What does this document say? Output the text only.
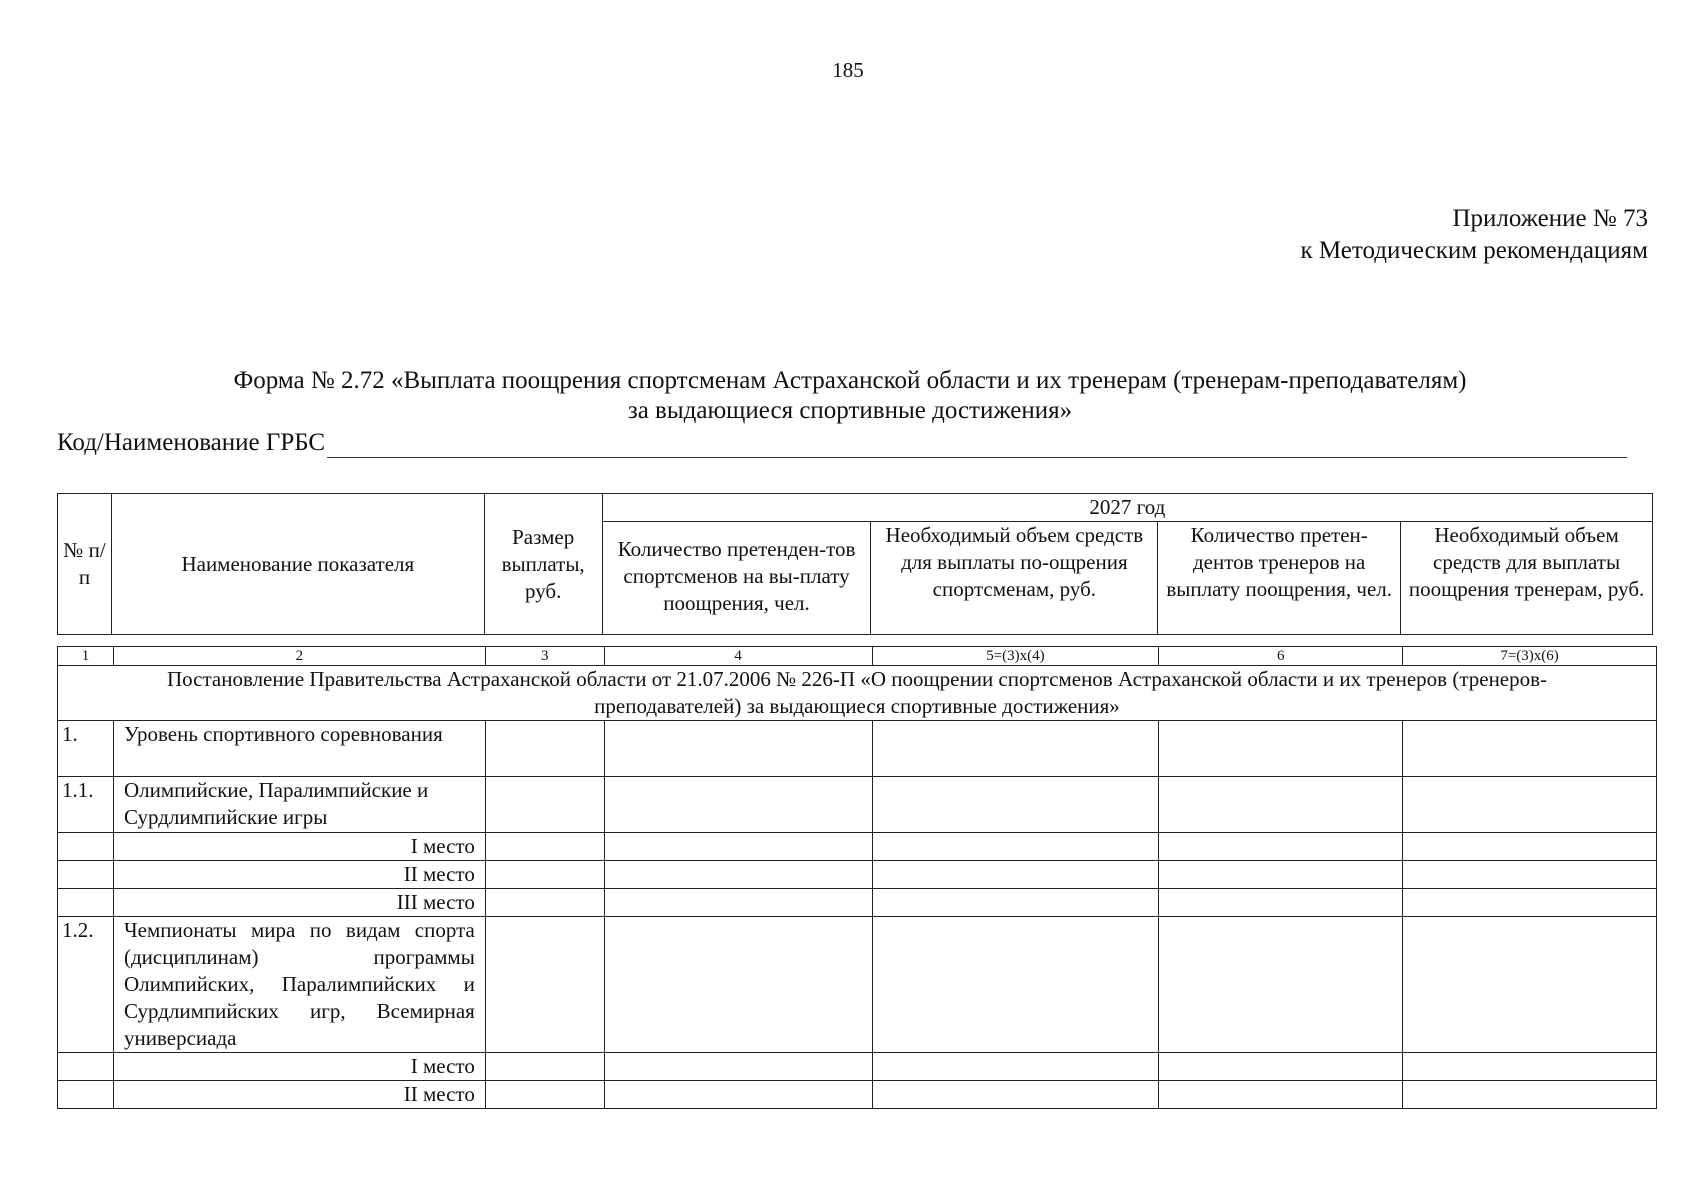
185
Приложение № 73
к Методическим рекомендациям
Форма № 2.72 «Выплата поощрения спортсменам Астраханской области и их тренерам (тренерам-преподавателям)
за выдающиеся спортивные достижения»
Код/Наименование ГРБС
№ п/п	Наименование показателя	Размер выплаты, руб.	2027 год			
			Количество претенден-тов спортсменов на вы-плату поощрения, чел.	Необходимый объем средств для выплаты по-ощрения спортсменам, руб.	Количество претен-дентов тренеров на выплату поощрения, чел.	Необходимый объем средств для выплаты поощрения тренерам, руб.
1	2	3	4	5=(3)x(4)	6	7=(3)x(6)
Постановление Правительства Астраханской области от 21.07.2006 № 226-П «О поощрении спортсменов Астраханской области и их тренеров (тренеров-преподавателей) за выдающиеся спортивные достижения»						
1.	Уровень спортивного соревнования					
1.1.	Олимпийские, Паралимпийские и Сурдлимпийские игры					
	I место					
	II место					
	III место					
1.2.	Чемпионаты мира по видам спорта (дисциплинам) программы Олимпийских, Паралимпийских и Сурдлимпийских игр, Всемирная универсиада					
	I место					
	II место					
